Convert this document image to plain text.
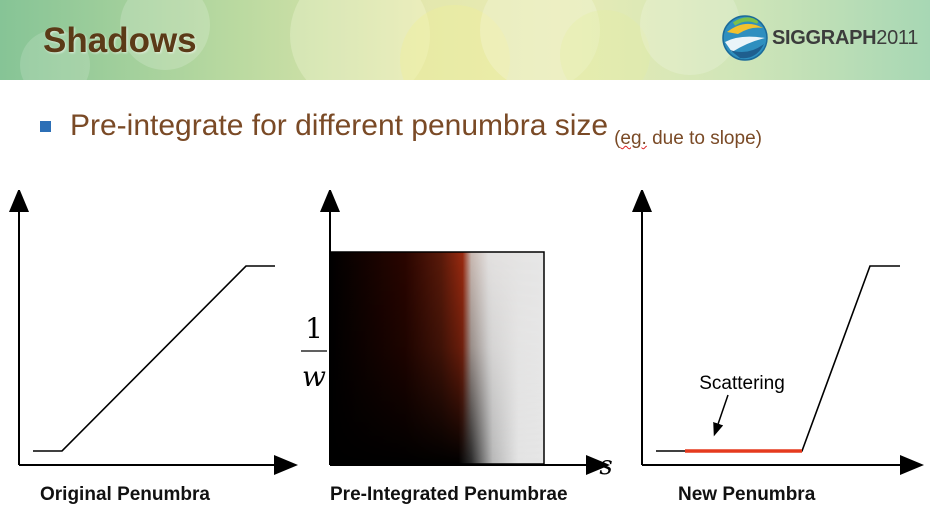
Shadows	SIGGRAPH2011
Pre-integrate for different penumbra size $_{(eg. due to slope)}$
Original Penumbra
1
w
s
Pre-Integrated Penumbrae
Scattering
New Penumbra
